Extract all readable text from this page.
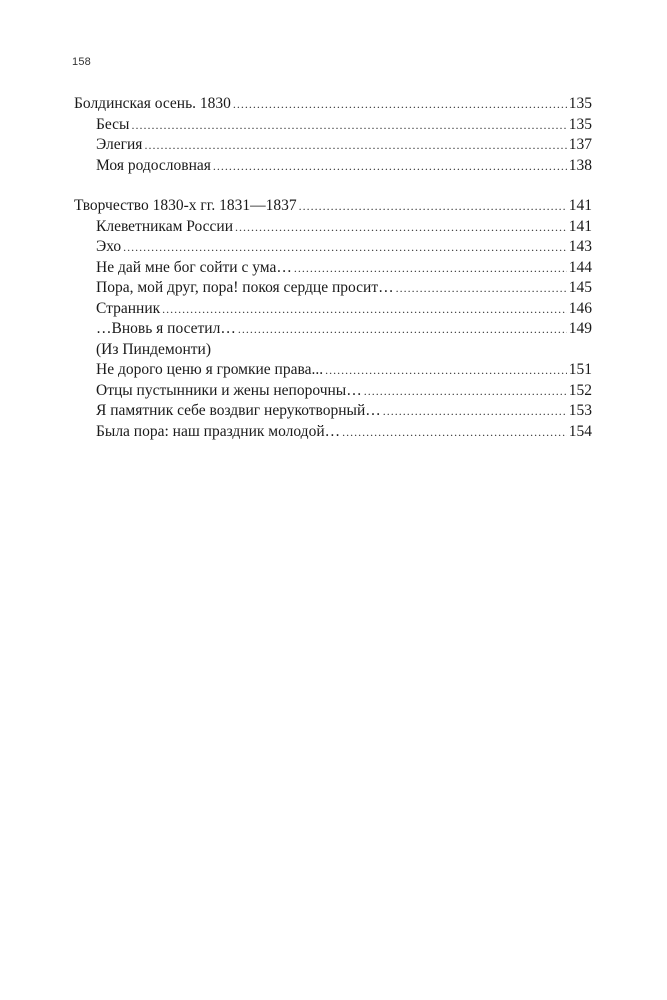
158
Болдинская осень. 1830 .....	135
Бесы .....	135
Элегия .....	137
Моя родословная .....	138
Творчество 1830-х гг. 1831—1837 .....	141
Клеветникам России .....	141
Эхо .....	143
Не дай мне бог сойти с ума… .....	144
Пора, мой друг, пора! покоя сердце просит… .....	145
Странник .....	146
…Вновь я посетил… .....	149
(Из Пиндемонти)
Не дорого ценю я громкие права... .....	151
Отцы пустынники и жены непорочны… .....	152
Я памятник себе воздвиг нерукотворный… .....	153
Была пора: наш праздник молодой… .....	154
